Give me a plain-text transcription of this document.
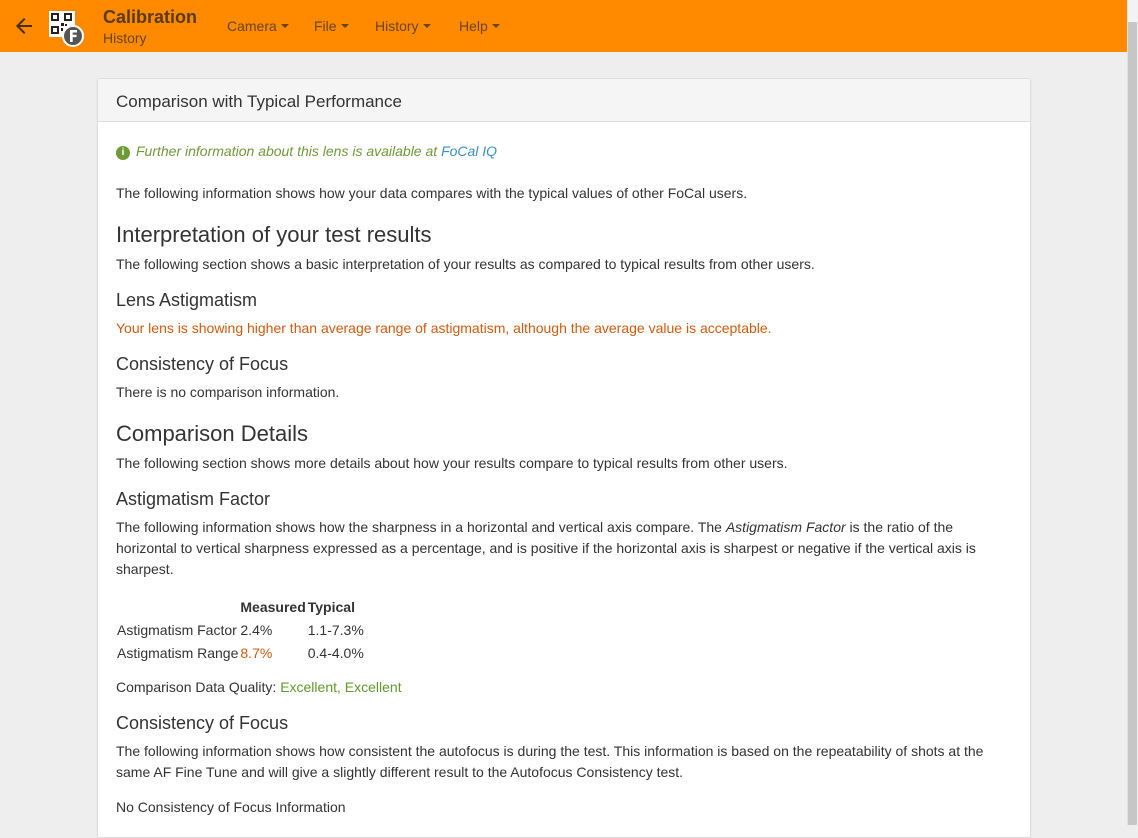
Calibration
History
Camera	File	History	Help
Comparison with Typical Performance
i Further information about this lens is available at FoCal IQ
The following information shows how your data compares with the typical values of other FoCal users.
Interpretation of your test results
The following section shows a basic interpretation of your results as compared to typical results from other users.
Lens Astigmatism
Your lens is showing higher than average range of astigmatism, although the average value is acceptable.
Consistency of Focus
There is no comparison information.
Comparison Details
The following section shows more details about how your results compare to typical results from other users.
Astigmatism Factor
The following information shows how the sharpness in a horizontal and vertical axis compare. The Astigmatism Factor is the ratio of the
horizontal to vertical sharpness expressed as a percentage, and is positive if the horizontal axis is sharpest or negative if the vertical axis is
sharpest.
	Measured	Typical
Astigmatism Factor	2.4%	1.1-7.3%
Astigmatism Range	8.7%	0.4-4.0%
Comparison Data Quality: Excellent, Excellent
Consistency of Focus
The following information shows how consistent the autofocus is during the test. This information is based on the repeatability of shots at the
same AF Fine Tune and will give a slightly different result to the Autofocus Consistency test.
No Consistency of Focus Information
